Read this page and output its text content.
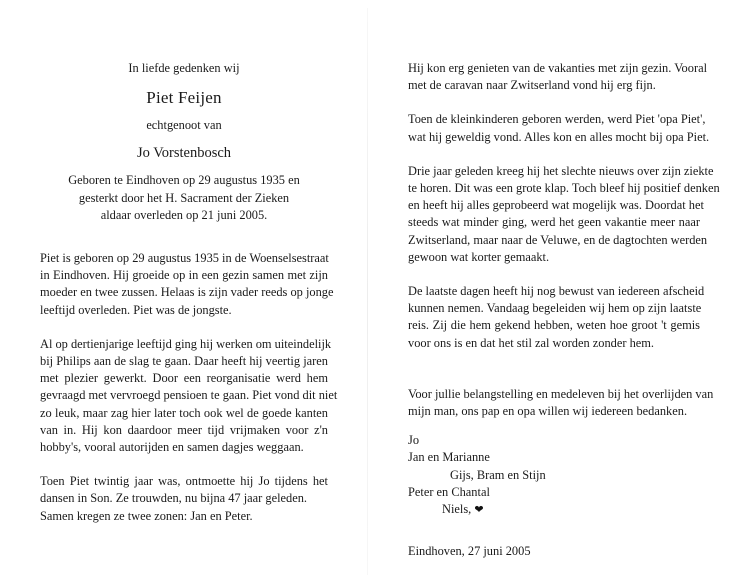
In liefde gedenken wij
Piet Feijen
echtgenoot van
Jo Vorstenbosch
Geboren te Eindhoven op 29 augustus 1935 en
gesterkt door het H. Sacrament der Zieken
aldaar overleden op 21 juni 2005.
Piet is geboren op 29 augustus 1935 in de Woenselsestraat
in Eindhoven. Hij groeide op in een gezin samen met zijn
moeder en twee zussen. Helaas is zijn vader reeds op jonge
leeftijd overleden. Piet was de jongste.
Al op dertienjarige leeftijd ging hij werken om uiteindelijk
bij Philips aan de slag te gaan. Daar heeft hij veertig jaren
met plezier gewerkt. Door een reorganisatie werd hem
gevraagd met vervroegd pensioen te gaan. Piet vond dit niet
zo leuk, maar zag hier later toch ook wel de goede kanten
van in. Hij kon daardoor meer tijd vrijmaken voor z'n
hobby's, vooral autorijden en samen dagjes weggaan.
Toen Piet twintig jaar was, ontmoette hij Jo tijdens het
dansen in Son. Ze trouwden, nu bijna 47 jaar geleden.
Samen kregen ze twee zonen: Jan en Peter.
Hij kon erg genieten van de vakanties met zijn gezin. Vooral
met de caravan naar Zwitserland vond hij erg fijn.
Toen de kleinkinderen geboren werden, werd Piet 'opa Piet',
wat hij geweldig vond. Alles kon en alles mocht bij opa Piet.
Drie jaar geleden kreeg hij het slechte nieuws over zijn ziekte
te horen. Dit was een grote klap. Toch bleef hij positief denken
en heeft hij alles geprobeerd wat mogelijk was. Doordat het
steeds wat minder ging, werd het geen vakantie meer naar
Zwitserland, maar naar de Veluwe, en de dagtochten werden
gewoon wat korter gemaakt.
De laatste dagen heeft hij nog bewust van iedereen afscheid
kunnen nemen. Vandaag begeleiden wij hem op zijn laatste
reis. Zij die hem gekend hebben, weten hoe groot 't gemis
voor ons is en dat het stil zal worden zonder hem.
Voor jullie belangstelling en medeleven bij het overlijden van
mijn man, ons pap en opa willen wij iedereen bedanken.
Jo
Jan en Marianne
Gijs, Bram en Stijn
Peter en Chantal
Niels, ❤
Eindhoven, 27 juni 2005
